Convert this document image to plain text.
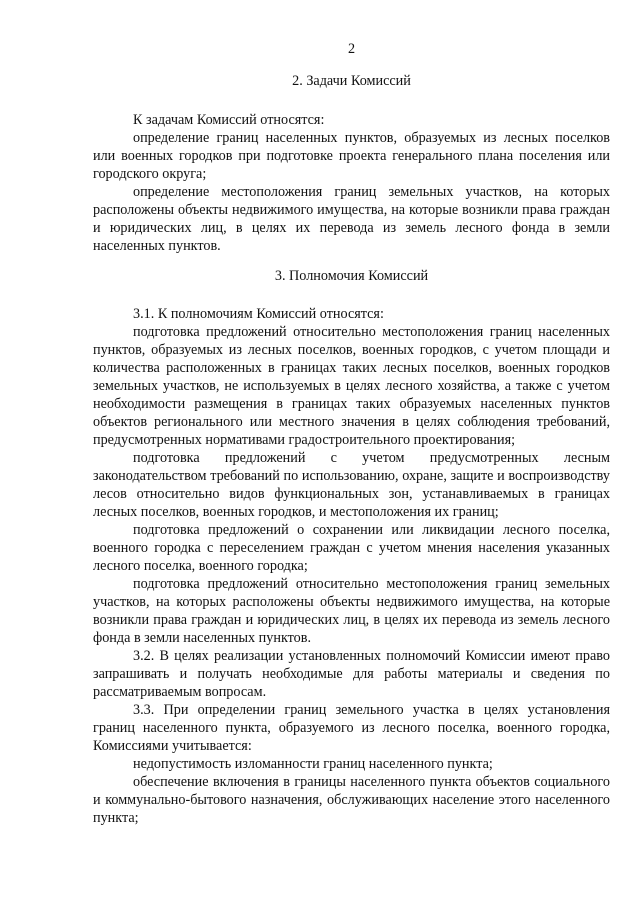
2
2. Задачи Комиссий

К задачам Комиссий относятся:

определение границ населенных пунктов, образуемых из лесных поселков или военных городков при подготовке проекта генерального плана поселения или городского округа;

определение местоположения границ земельных участков, на которых расположены объекты недвижимого имущества, на которые возникли права граждан и юридических лиц, в целях их перевода из земель лесного фонда в земли населенных пунктов.

3. Полномочия Комиссий

3.1. К полномочиям Комиссий относятся:

подготовка предложений относительно местоположения границ населенных пунктов, образуемых из лесных поселков, военных городков, с учетом площади и количества расположенных в границах таких лесных поселков, военных городков земельных участков, не используемых в целях лесного хозяйства, а также с учетом необходимости размещения в границах таких образуемых населенных пунктов объектов регионального или местного значения в целях соблюдения требований, предусмотренных нормативами градостроительного проектирования;

подготовка предложений с учетом предусмотренных лесным законодательством требований по использованию, охране, защите и воспроизводству лесов относительно видов функциональных зон, устанавливаемых в границах лесных поселков, военных городков, и местоположения их границ;

подготовка предложений о сохранении или ликвидации лесного поселка, военного городка с переселением граждан с учетом мнения населения указанных лесного поселка, военного городка;

подготовка предложений относительно местоположения границ земельных участков, на которых расположены объекты недвижимого имущества, на которые возникли права граждан и юридических лиц, в целях их перевода из земель лесного фонда в земли населенных пунктов.

3.2. В целях реализации установленных полномочий Комиссии имеют право запрашивать и получать необходимые для работы материалы и сведения по рассматриваемым вопросам.

3.3. При определении границ земельного участка в целях установления границ населенного пункта, образуемого из лесного поселка, военного городка, Комиссиями учитывается:

недопустимость изломанности границ населенного пункта;

обеспечение включения в границы населенного пункта объектов социального и коммунально-бытового назначения, обслуживающих население этого населенного пункта;
